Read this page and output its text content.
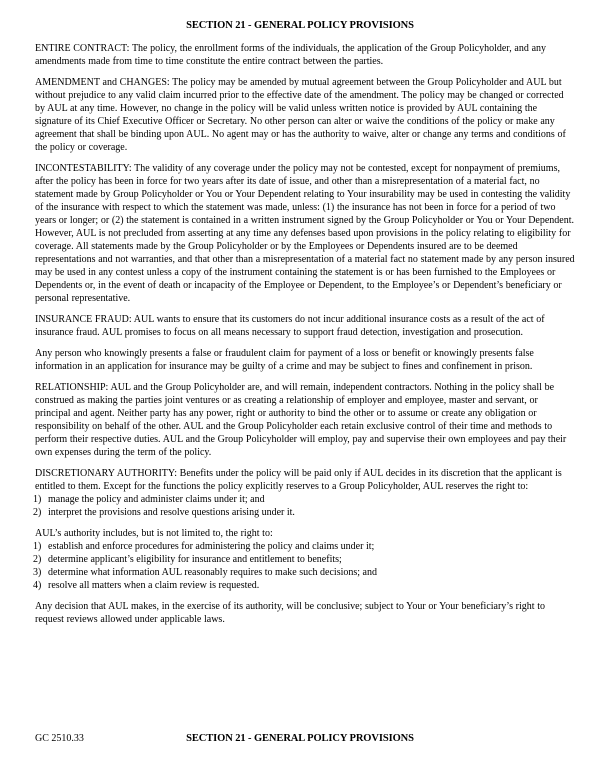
SECTION 21 - GENERAL POLICY PROVISIONS

ENTIRE CONTRACT: The policy, the enrollment forms of the individuals, the application of the Group Policyholder, and any amendments made from time to time constitute the entire contract between the parties.

AMENDMENT and CHANGES: The policy may be amended by mutual agreement between the Group Policyholder and AUL but without prejudice to any valid claim incurred prior to the effective date of the amendment. The policy may be changed or corrected by AUL at any time. However, no change in the policy will be valid unless written notice is provided by AUL containing the signature of its Chief Executive Officer or Secretary. No other person can alter or waive the conditions of the policy or make any agreement that shall be binding upon AUL. No agent may or has the authority to waive, alter or change any terms and conditions of the policy or coverage.

INCONTESTABILITY: The validity of any coverage under the policy may not be contested, except for nonpayment of premiums, after the policy has been in force for two years after its date of issue, and other than a misrepresentation of a material fact, no statement made by Group Policyholder or You or Your Dependent relating to Your insurability may be used in contesting the validity of the insurance with respect to which the statement was made, unless: (1) the insurance has not been in force for a period of two years or longer; or (2) the statement is contained in a written instrument signed by the Group Policyholder or You or Your Dependent. However, AUL is not precluded from asserting at any time any defenses based upon provisions in the policy relating to eligibility for coverage. All statements made by the Group Policyholder or by the Employees or Dependents insured are to be deemed representations and not warranties, and that other than a misrepresentation of a material fact no statement made by any person insured may be used in any contest unless a copy of the instrument containing the statement is or has been furnished to the Employees or Dependents or, in the event of death or incapacity of the Employee or Dependent, to the Employee’s or Dependent’s beneficiary or personal representative.

INSURANCE FRAUD: AUL wants to ensure that its customers do not incur additional insurance costs as a result of the act of insurance fraud. AUL promises to focus on all means necessary to support fraud detection, investigation and prosecution.

Any person who knowingly presents a false or fraudulent claim for payment of a loss or benefit or knowingly presents false information in an application for insurance may be guilty of a crime and may be subject to fines and confinement in prison.

RELATIONSHIP: AUL and the Group Policyholder are, and will remain, independent contractors. Nothing in the policy shall be construed as making the parties joint ventures or as creating a relationship of employer and employee, master and servant, or principal and agent. Neither party has any power, right or authority to bind the other or to assume or create any obligation or responsibility on behalf of the other. AUL and the Group Policyholder each retain exclusive control of their time and methods to perform their respective duties. AUL and the Group Policyholder will employ, pay and supervise their own employees and pay their own expenses during the term of the policy.

DISCRETIONARY AUTHORITY: Benefits under the policy will be paid only if AUL decides in its discretion that the applicant is entitled to them. Except for the functions the policy explicitly reserves to a Group Policyholder, AUL reserves the right to:

manage the policy and administer claims under it; and
interpret the provisions and resolve questions arising under it.

AUL’s authority includes, but is not limited to, the right to:

establish and enforce procedures for administering the policy and claims under it;
determine applicant’s eligibility for insurance and entitlement to benefits;
determine what information AUL reasonably requires to make such decisions; and
resolve all matters when a claim review is requested.

Any decision that AUL makes, in the exercise of its authority, will be conclusive; subject to Your or Your beneficiary’s right to request reviews allowed under applicable laws.

GC 2510.33	SECTION 21 - GENERAL POLICY PROVISIONS
